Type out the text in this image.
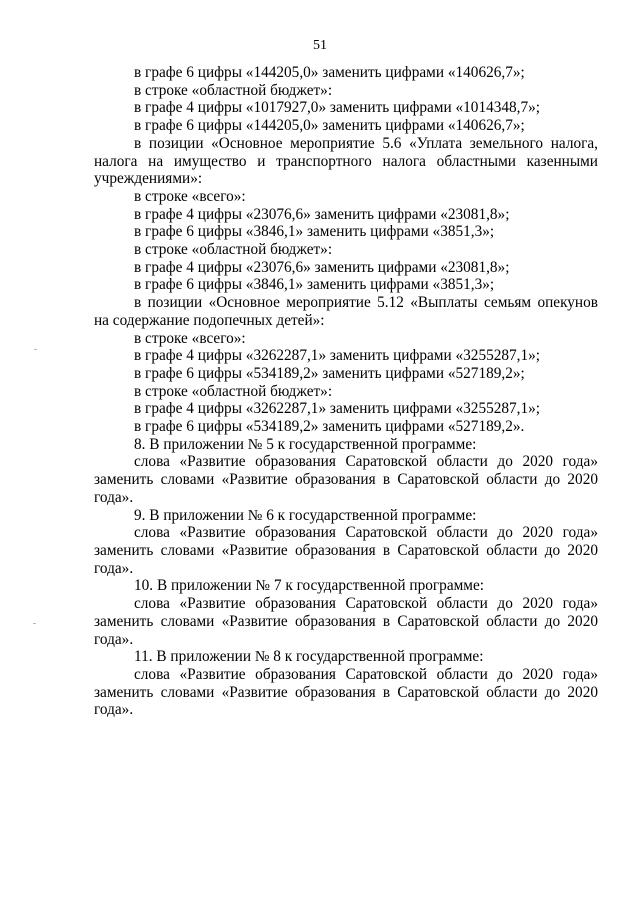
51

в графе 6 цифры «144205,0» заменить цифрами «140626,7»;

в строке «областной бюджет»:

в графе 4 цифры «1017927,0» заменить цифрами «1014348,7»;

в графе 6 цифры «144205,0» заменить цифрами «140626,7»;

в позиции «Основное мероприятие 5.6 «Уплата земельного налога, налога на имущество и транспортного налога областными казенными учреждениями»:

в строке «всего»:

в графе 4 цифры «23076,6» заменить цифрами «23081,8»;

в графе 6 цифры «3846,1» заменить цифрами «3851,3»;

в строке «областной бюджет»:

в графе 4 цифры «23076,6» заменить цифрами «23081,8»;

в графе 6 цифры «3846,1» заменить цифрами «3851,3»;

в позиции «Основное мероприятие 5.12 «Выплаты семьям опекунов на содержание подопечных детей»:

в строке «всего»:

в графе 4 цифры «3262287,1» заменить цифрами «3255287,1»;

в графе 6 цифры «534189,2» заменить цифрами «527189,2»;

в строке «областной бюджет»:

в графе 4 цифры «3262287,1» заменить цифрами «3255287,1»;

в графе 6 цифры «534189,2» заменить цифрами «527189,2».

8. В приложении № 5 к государственной программе:

слова «Развитие образования Саратовской области до 2020 года» заменить словами «Развитие образования в Саратовской области до 2020 года».

9. В приложении № 6 к государственной программе:

слова «Развитие образования Саратовской области до 2020 года» заменить словами «Развитие образования в Саратовской области до 2020 года».

10. В приложении № 7 к государственной программе:

слова «Развитие образования Саратовской области до 2020 года» заменить словами «Развитие образования в Саратовской области до 2020 года».

11. В приложении № 8 к государственной программе:

слова «Развитие образования Саратовской области до 2020 года» заменить словами «Развитие образования в Саратовской области до 2020 года».
